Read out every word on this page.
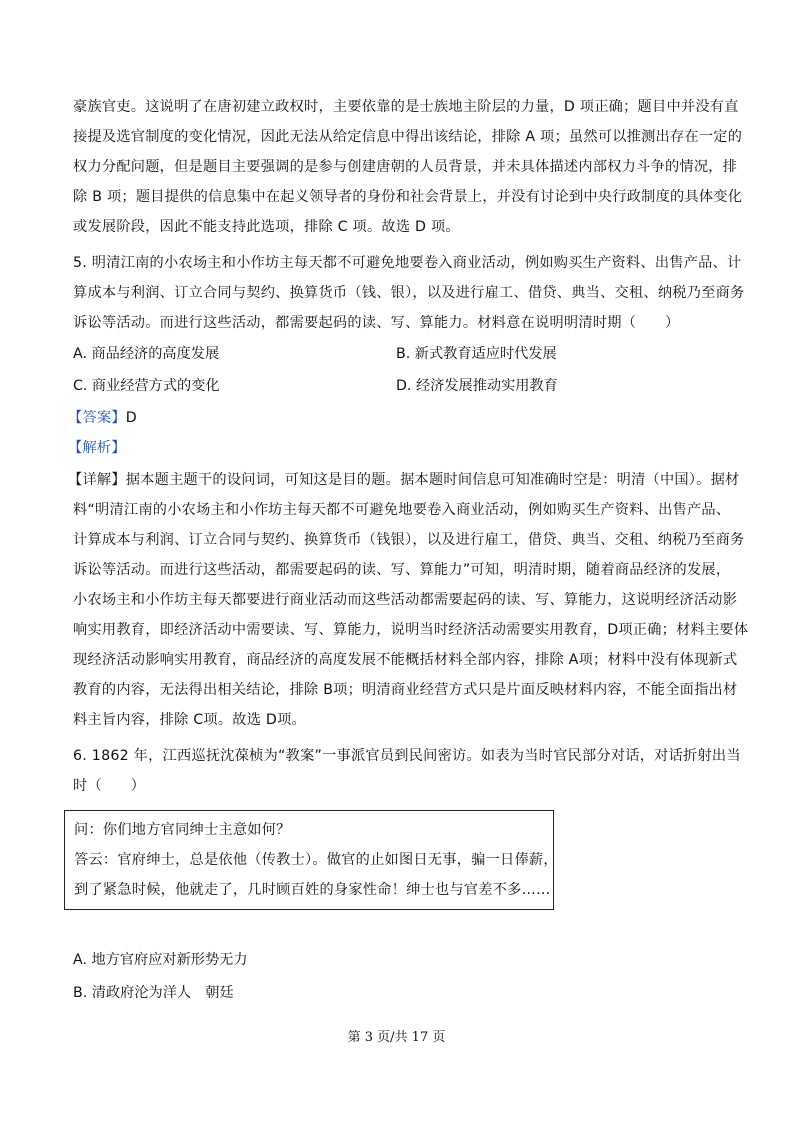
豪族官吏。这说明了在唐初建立政权时，主要依靠的是士族地主阶层的力量，D 项正确；题目中并没有直
接提及选官制度的变化情况，因此无法从给定信息中得出该结论，排除 A 项；虽然可以推测出存在一定的
权力分配问题，但是题目主要强调的是参与创建唐朝的人员背景，并未具体描述内部权力斗争的情况，排
除 B 项；题目提供的信息集中在起义领导者的身份和社会背景上，并没有讨论到中央行政制度的具体变化
或发展阶段，因此不能支持此选项，排除 C 项。故选 D 项。
5. 明清江南的小农场主和小作坊主每天都不可避免地要卷入商业活动，例如购买生产资料、出售产品、计
算成本与利润、订立合同与契约、换算货币（钱、银），以及进行雇工、借贷、典当、交租、纳税乃至商务
诉讼等活动。而进行这些活动，都需要起码的读、写、算能力。材料意在说明明清时期（　　）
A. 商品经济的高度发展	B. 新式教育适应时代发展
C. 商业经营方式的变化	D. 经济发展推动实用教育
【答案】D
【解析】
【详解】据本题主题干的设问词，可知这是目的题。据本题时间信息可知准确时空是：明清（中国）。据材
料“明清江南的小农场主和小作坊主每天都不可避免地要卷入商业活动，例如购买生产资料、出售产品、
计算成本与利润、订立合同与契约、换算货币（钱银），以及进行雇工，借贷、典当、交租、纳税乃至商务
诉讼等活动。而进行这些活动，都需要起码的读、写、算能力”可知，明清时期，随着商品经济的发展，
小农场主和小作坊主每天都要进行商业活动而这些活动都需要起码的读、写、算能力，这说明经济活动影
响实用教育，即经济活动中需要读、写、算能力，说明当时经济活动需要实用教育，D项正确；材料主要体
现经济活动影响实用教育，商品经济的高度发展不能概括材料全部内容，排除 A项；材料中没有体现新式
教育的内容，无法得出相关结论，排除 B项；明清商业经营方式只是片面反映材料内容，不能全面指出材
料主旨内容，排除 C项。故选 D项。
6. 1862 年，江西巡抚沈葆桢为“教案”一事派官员到民间密访。如表为当时官民部分对话，对话折射出当
时（　　）
问：你们地方官同绅士主意如何？
答云：官府绅士，总是依他（传教士）。做官的止如图日无事，骗一日俸薪，
到了紧急时候，他就走了，几时顾百姓的身家性命！绅士也与官差不多……
A. 地方官府应对新形势无力
B. 清政府沦为洋人　朝廷
第 3 页/共 17 页
